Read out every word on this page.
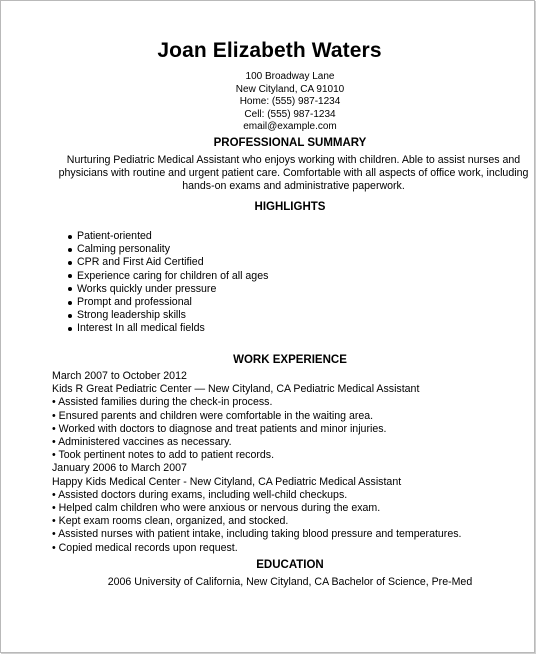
Joan Elizabeth Waters
100 Broadway Lane
New Cityland, CA 91010
Home: (555) 987-1234
Cell: (555) 987-1234
email@example.com
PROFESSIONAL SUMMARY
Nurturing Pediatric Medical Assistant who enjoys working with children. Able to assist nurses and physicians with routine and urgent patient care. Comfortable with all aspects of office work, including hands-on exams and administrative paperwork.
HIGHLIGHTS
Patient-oriented
Calming personality
CPR and First Aid Certified
Experience caring for children of all ages
Works quickly under pressure
Prompt and professional
Strong leadership skills
Interest In all medical fields
WORK EXPERIENCE
March 2007 to October 2012
Kids R Great Pediatric Center — New Cityland, CA Pediatric Medical Assistant
• Assisted families during the check-in process.
• Ensured parents and children were comfortable in the waiting area.
• Worked with doctors to diagnose and treat patients and minor injuries.
• Administered vaccines as necessary.
• Took pertinent notes to add to patient records.
January 2006 to March 2007
Happy Kids Medical Center - New Cityland, CA Pediatric Medical Assistant
• Assisted doctors during exams, including well-child checkups.
• Helped calm children who were anxious or nervous during the exam.
• Kept exam rooms clean, organized, and stocked.
• Assisted nurses with patient intake, including taking blood pressure and temperatures.
• Copied medical records upon request.
EDUCATION
2006 University of California, New Cityland, CA Bachelor of Science, Pre-Med
